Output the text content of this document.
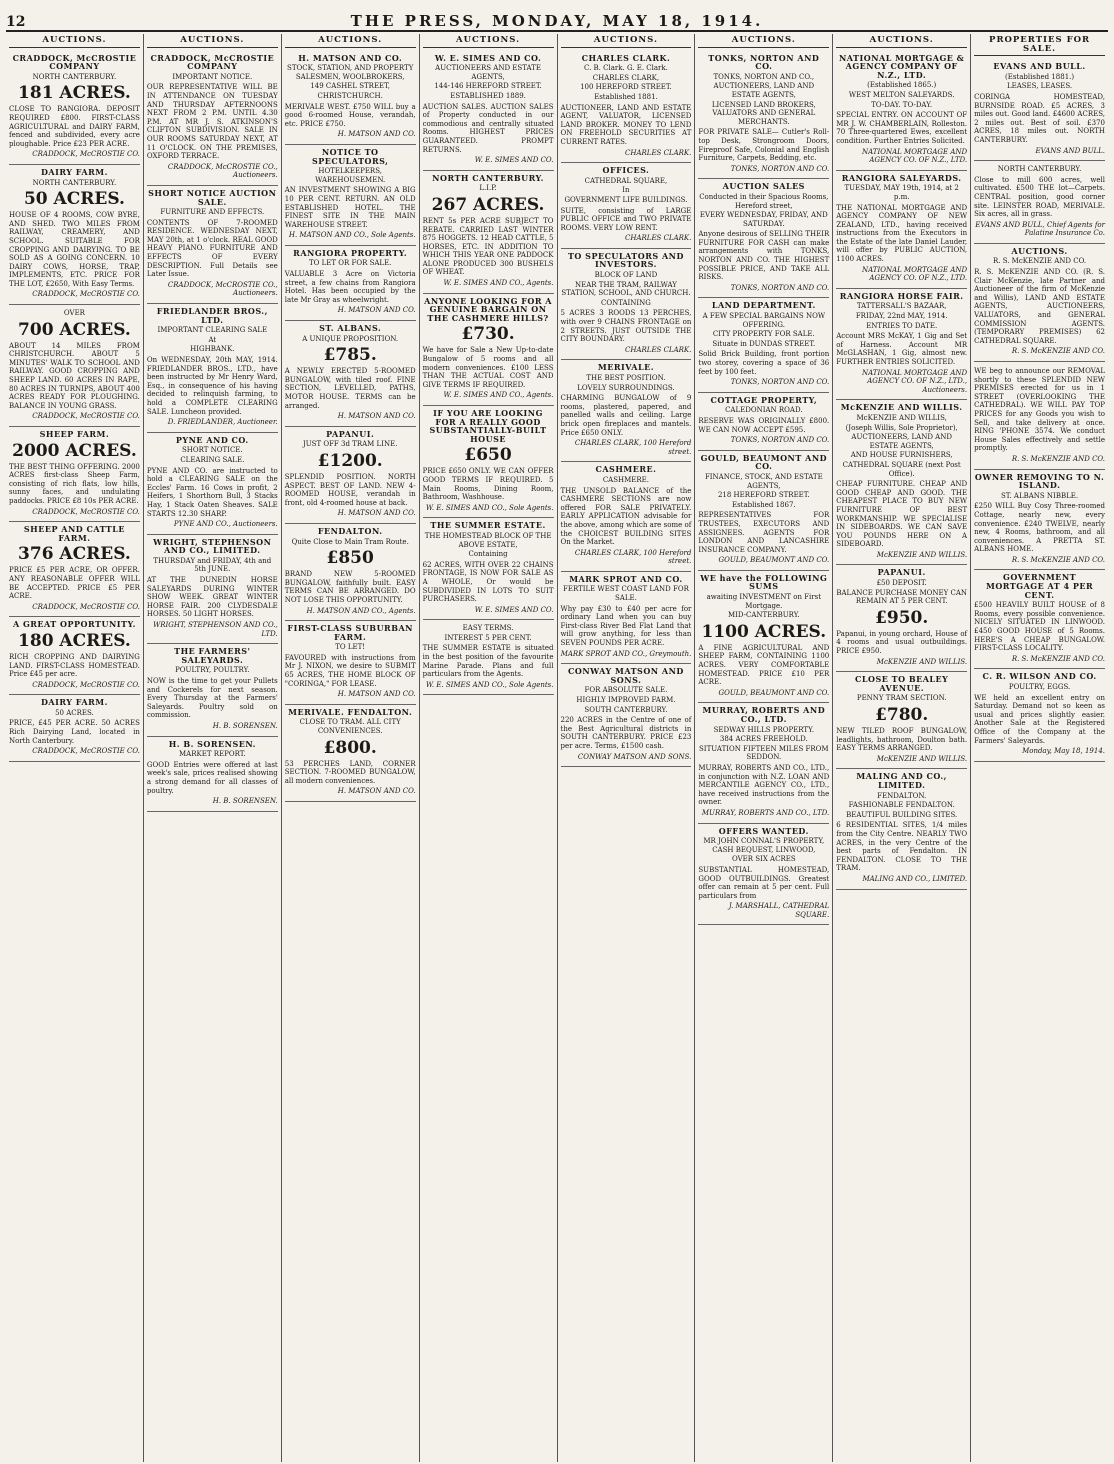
12	THE PRESS, MONDAY, MAY 18, 1914.
AUCTIONS.
CRADDOCK, McCROSTIE COMPANY
NORTH CANTERBURY.
181 ACRES.
CLOSE TO RANGIORA. DEPOSIT REQUIRED £800. FIRST-CLASS AGRICULTURAL and DAIRY FARM, fenced and subdivided, every acre ploughable. Price £23 PER ACRE.
CRADDOCK, McCROSTIE CO.
DAIRY FARM.
NORTH CANTERBURY.
50 ACRES.
HOUSE OF 4 ROOMS, COW BYRE, AND SHED. TWO MILES FROM RAILWAY, CREAMERY, AND SCHOOL. SUITABLE FOR CROPPING AND DAIRYING. TO BE SOLD AS A GOING CONCERN. 10 DAIRY COWS, HORSE, TRAP, IMPLEMENTS, ETC. PRICE FOR THE LOT, £2650, With Easy Terms.
CRADDOCK, McCROSTIE CO.
OVER
700 ACRES.
ABOUT 14 MILES FROM CHRISTCHURCH. ABOUT 5 MINUTES' WALK TO SCHOOL AND RAILWAY. GOOD CROPPING AND SHEEP LAND. 60 ACRES IN RAPE, 80 ACRES IN TURNIPS, ABOUT 400 ACRES READY FOR PLOUGHING. BALANCE IN YOUNG GRASS.
CRADDOCK, McCROSTIE CO.
SHEEP FARM.
2000 ACRES.
THE BEST THING OFFERING. 2000 ACRES first-class Sheep Farm, consisting of rich flats, low hills, sunny faces, and undulating paddocks. PRICE £8 10s PER ACRE.
CRADDOCK, McCROSTIE CO.
SHEEP AND CATTLE FARM.
376 ACRES.
PRICE £5 PER ACRE, OR OFFER. ANY REASONABLE OFFER WILL BE ACCEPTED. PRICE £5 PER ACRE.
CRADDOCK, McCROSTIE CO.
A GREAT OPPORTUNITY.
180 ACRES.
RICH CROPPING AND DAIRYING LAND. FIRST-CLASS HOMESTEAD. Price £45 per acre.
CRADDOCK, McCROSTIE CO.
DAIRY FARM.
50 ACRES.
PRICE, £45 PER ACRE. 50 ACRES Rich Dairying Land, located in North Canterbury.
CRADDOCK, McCROSTIE CO.
AUCTIONS.
CRADDOCK, McCROSTIE COMPANY
IMPORTANT NOTICE.
OUR REPRESENTATIVE WILL BE IN ATTENDANCE ON TUESDAY AND THURSDAY AFTERNOONS NEXT FROM 2 P.M. UNTIL 4.30 P.M. AT MR J. S. ATKINSON'S CLIFTON SUBDIVISION. SALE IN OUR ROOMS SATURDAY NEXT, AT 11 O'CLOCK. ON THE PREMISES, OXFORD TERRACE.
CRADDOCK, McCROSTIE CO., Auctioneers.
SHORT NOTICE AUCTION SALE.
FURNITURE AND EFFECTS.
CONTENTS OF 7-ROOMED RESIDENCE. WEDNESDAY NEXT, MAY 20th, at 1 o'clock. REAL GOOD HEAVY PIANO. FURNITURE AND EFFECTS OF EVERY DESCRIPTION. Full Details see Later Issue.
CRADDOCK, McCROSTIE CO., Auctioneers.
FRIEDLANDER BROS., LTD.
IMPORTANT CLEARING SALE
At
HIGHBANK.
On WEDNESDAY, 20th MAY, 1914. FRIEDLANDER BROS., LTD., have been instructed by Mr Henry Ward, Esq., in consequence of his having decided to relinquish farming, to hold a COMPLETE CLEARING SALE. Luncheon provided.
D. FRIEDLANDER, Auctioneer.
PYNE AND CO.
SHORT NOTICE.
CLEARING SALE.
PYNE AND CO. are instructed to hold a CLEARING SALE on the Eccles' Farm. 16 Cows in profit, 2 Heifers, 1 Shorthorn Bull, 3 Stacks Hay, 1 Stack Oaten Sheaves. SALE STARTS 12.30 SHARP.
PYNE AND CO., Auctioneers.
WRIGHT, STEPHENSON AND CO., LIMITED.
THURSDAY and FRIDAY, 4th and 5th JUNE.
AT THE DUNEDIN HORSE SALEYARDS DURING WINTER SHOW WEEK. GREAT WINTER HORSE FAIR. 200 CLYDESDALE HORSES. 50 LIGHT HORSES.
WRIGHT, STEPHENSON AND CO., LTD.
THE FARMERS' SALEYARDS.
POULTRY, POULTRY.
NOW is the time to get your Pullets and Cockerels for next season. Every Thursday at the Farmers' Saleyards. Poultry sold on commission.
H. B. SORENSEN.
H. B. SORENSEN.
MARKET REPORT.
GOOD Entries were offered at last week's sale, prices realised showing a strong demand for all classes of poultry.
H. B. SORENSEN.
AUCTIONS.
H. MATSON AND CO.
STOCK, STATION, AND PROPERTY SALESMEN, WOOLBROKERS,
149 CASHEL STREET,
CHRISTCHURCH.
MERIVALE WEST. £750 WILL buy a good 6-roomed House, verandah, etc. PRICE £750.
H. MATSON AND CO.
NOTICE TO SPECULATORS,
HOTELKEEPERS, WAREHOUSEMEN.
AN INVESTMENT SHOWING A BIG 10 PER CENT. RETURN. AN OLD ESTABLISHED HOTEL. THE FINEST SITE IN THE MAIN WAREHOUSE STREET.
H. MATSON AND CO., Sole Agents.
RANGIORA PROPERTY.
TO LET OR FOR SALE.
VALUABLE 3 Acre on Victoria street, a few chains from Rangiora Hotel. Has been occupied by the late Mr Gray as wheelwright.
H. MATSON AND CO.
ST. ALBANS.
A UNIQUE PROPOSITION.
£785.
A NEWLY ERECTED 5-ROOMED BUNGALOW, with tiled roof. FINE SECTION, LEVELLED, PATHS, MOTOR HOUSE. TERMS can be arranged.
H. MATSON AND CO.
PAPANUI.
JUST OFF 3d TRAM LINE.
£1200.
SPLENDID POSITION. NORTH ASPECT. BEST OF LAND. NEW 4-ROOMED HOUSE, verandah in front, old 4-roomed house at back.
H. MATSON AND CO.
FENDALTON.
Quite Close to Main Tram Route.
£850
BRAND NEW 5-ROOMED BUNGALOW, faithfully built. EASY TERMS CAN BE ARRANGED. DO NOT LOSE THIS OPPORTUNITY.
H. MATSON AND CO., Agents.
FIRST-CLASS SUBURBAN FARM.
TO LET!
FAVOURED with instructions from Mr J. NIXON, we desire to SUBMIT 65 ACRES, THE HOME BLOCK OF "CORINGA," FOR LEASE.
H. MATSON AND CO.
MERIVALE. FENDALTON.
CLOSE TO TRAM. ALL CITY CONVENIENCES.
£800.
53 PERCHES LAND, CORNER SECTION. 7-ROOMED BUNGALOW, all modern conveniences.
H. MATSON AND CO.
AUCTIONS.
W. E. SIMES AND CO.
AUCTIONEERS AND ESTATE AGENTS,
144-146 HEREFORD STREET.
ESTABLISHED 1889.
AUCTION SALES. AUCTION SALES of Property conducted in our commodious and centrally situated Rooms. HIGHEST PRICES GUARANTEED. PROMPT RETURNS.
W. E. SIMES AND CO.
NORTH CANTERBURY.
L.I.P.
267 ACRES.
RENT 5s PER ACRE SUBJECT TO REBATE. CARRIED LAST WINTER 875 HOGGETS. 12 HEAD CATTLE, 5 HORSES, ETC. IN ADDITION TO WHICH THIS YEAR ONE PADDOCK ALONE PRODUCED 300 BUSHELS OF WHEAT.
W. E. SIMES AND CO., Agents.
ANYONE LOOKING FOR A GENUINE BARGAIN ON THE CASHMERE HILLS?
£730.
We have for Sale a New Up-to-date Bungalow of 5 rooms and all modern conveniences. £100 LESS THAN THE ACTUAL COST AND GIVE TERMS IF REQUIRED.
W. E. SIMES AND CO., Agents.
IF YOU ARE LOOKING FOR A REALLY GOOD SUBSTANTIALLY-BUILT HOUSE
£650
PRICE £650 ONLY. WE CAN OFFER GOOD TERMS IF REQUIRED. 5 Main Rooms, Dining Room, Bathroom, Washhouse.
W. E. SIMES AND CO., Sole Agents.
THE SUMMER ESTATE.
THE HOMESTEAD BLOCK OF THE ABOVE ESTATE,
Containing
62 ACRES, WITH OVER 22 CHAINS FRONTAGE, IS NOW FOR SALE AS A WHOLE, Or would be SUBDIVIDED IN LOTS TO SUIT PURCHASERS.
W. E. SIMES AND CO.
EASY TERMS.
INTEREST 5 PER CENT.
THE SUMMER ESTATE is situated in the best position of the favourite Marine Parade. Plans and full particulars from the Agents.
W. E. SIMES AND CO., Sole Agents.
AUCTIONS.
CHARLES CLARK.
C. B. Clark. G. E. Clark.
CHARLES CLARK,
100 HEREFORD STREET.
Established 1881.
AUCTIONEER, LAND AND ESTATE AGENT, VALUATOR, LICENSED LAND BROKER. MONEY TO LEND ON FREEHOLD SECURITIES AT CURRENT RATES.
CHARLES CLARK.
OFFICES.
CATHEDRAL SQUARE,
In
GOVERNMENT LIFE BUILDINGS.
SUITE, consisting of LARGE PUBLIC OFFICE and TWO PRIVATE ROOMS. VERY LOW RENT.
CHARLES CLARK.
TO SPECULATORS AND INVESTORS.
BLOCK OF LAND
NEAR THE TRAM, RAILWAY STATION, SCHOOL, AND CHURCH.
CONTAINING
5 ACRES 3 ROODS 13 PERCHES, with over 9 CHAINS FRONTAGE on 2 STREETS. JUST OUTSIDE THE CITY BOUNDARY.
CHARLES CLARK.
MERIVALE.
THE BEST POSITION.
LOVELY SURROUNDINGS.
CHARMING BUNGALOW of 9 rooms, plastered, papered, and panelled walls and ceiling. Large brick open fireplaces and mantels. Price £650 ONLY.
CHARLES CLARK, 100 Hereford street.
CASHMERE.
CASHMERE.
THE UNSOLD BALANCE of the CASHMERE SECTIONS are now offered FOR SALE PRIVATELY. EARLY APPLICATION advisable for the above, among which are some of the CHOICEST BUILDING SITES On the Market.
CHARLES CLARK, 100 Hereford street.
MARK SPROT AND CO.
FERTILE WEST COAST LAND FOR SALE.
Why pay £30 to £40 per acre for ordinary Land when you can buy First-class River Bed Flat Land that will grow anything, for less than SEVEN POUNDS PER ACRE.
MARK SPROT AND CO., Greymouth.
CONWAY MATSON AND SONS.
FOR ABSOLUTE SALE.
HIGHLY IMPROVED FARM.
SOUTH CANTERBURY.
220 ACRES in the Centre of one of the Best Agricultural districts in SOUTH CANTERBURY. PRICE £23 per acre. Terms, £1500 cash.
CONWAY MATSON AND SONS.
AUCTIONS.
TONKS, NORTON AND CO.
TONKS, NORTON AND CO.,
AUCTIONEERS, LAND AND ESTATE AGENTS,
LICENSED LAND BROKERS, VALUATORS AND GENERAL MERCHANTS.
FOR PRIVATE SALE— Cutler's Roll-top Desk, Strongroom Doors, Fireproof Safe, Colonial and English Furniture, Carpets, Bedding, etc.
TONKS, NORTON AND CO.
AUCTION SALES
Conducted in their Spacious Rooms, Hereford street,
EVERY WEDNESDAY, FRIDAY, AND SATURDAY.
Anyone desirous of SELLING THEIR FURNITURE FOR CASH can make arrangements with TONKS, NORTON AND CO. THE HIGHEST POSSIBLE PRICE, AND TAKE ALL RISKS.
TONKS, NORTON AND CO.
LAND DEPARTMENT.
A FEW SPECIAL BARGAINS NOW OFFERING.
CITY PROPERTY FOR SALE.
Situate in DUNDAS STREET.
Solid Brick Building, front portion two storey, covering a space of 36 feet by 100 feet.
TONKS, NORTON AND CO.
COTTAGE PROPERTY,
CALEDONIAN ROAD.
RESERVE WAS ORIGINALLY £800. WE CAN NOW ACCEPT £595.
TONKS, NORTON AND CO.
GOULD, BEAUMONT AND CO.
FINANCE, STOCK, AND ESTATE AGENTS,
218 HEREFORD STREET.
Established 1867.
REPRESENTATIVES FOR TRUSTEES, EXECUTORS AND ASSIGNEES. AGENTS FOR LONDON AND LANCASHIRE INSURANCE COMPANY.
GOULD, BEAUMONT AND CO.
WE have the FOLLOWING SUMS
awaiting INVESTMENT on First Mortgage.
MID-CANTERBURY.
1100 ACRES.
A FINE AGRICULTURAL AND SHEEP FARM, CONTAINING 1100 ACRES. VERY COMFORTABLE HOMESTEAD. PRICE £10 PER ACRE.
GOULD, BEAUMONT AND CO.
MURRAY, ROBERTS AND CO., LTD.
SEDWAY HILLS PROPERTY.
384 ACRES FREEHOLD.
SITUATION FIFTEEN MILES FROM SEDDON.
MURRAY, ROBERTS AND CO., LTD., in conjunction with N.Z. LOAN AND MERCANTILE AGENCY CO., LTD., have received instructions from the owner.
MURRAY, ROBERTS AND CO., LTD.
OFFERS WANTED.
MR JOHN CONNAL'S PROPERTY, CASH BEQUEST, LINWOOD,
OVER SIX ACRES
SUBSTANTIAL HOMESTEAD, GOOD OUTBUILDINGS. Greatest offer can remain at 5 per cent. Full particulars from
J. MARSHALL, CATHEDRAL SQUARE.
AUCTIONS.
NATIONAL MORTGAGE & AGENCY COMPANY OF N.Z., LTD.
(Established 1865.)
WEST MELTON SALEYARDS.
TO-DAY. TO-DAY.
SPECIAL ENTRY. ON ACCOUNT OF MR J. W. CHAMBERLAIN, Rolleston. 70 Three-quartered Ewes, excellent condition. Further Entries Solicited.
NATIONAL MORTGAGE AND AGENCY CO. OF N.Z., LTD.
RANGIORA SALEYARDS.
TUESDAY, MAY 19th, 1914, at 2 p.m.
THE NATIONAL MORTGAGE AND AGENCY COMPANY OF NEW ZEALAND, LTD., having received instructions from the Executors in the Estate of the late Daniel Lauder, will offer by PUBLIC AUCTION, 1100 ACRES.
NATIONAL MORTGAGE AND AGENCY CO. OF N.Z., LTD.
RANGIORA HORSE FAIR.
TATTERSALL'S BAZAAR,
FRIDAY, 22nd MAY, 1914.
ENTRIES TO DATE.
Account MRS McKAY, 1 Gig and Set of Harness. Account MR McGLASHAN, 1 Gig, almost new. FURTHER ENTRIES SOLICITED.
NATIONAL MORTGAGE AND AGENCY CO. OF N.Z., LTD., Auctioneers.
McKENZIE AND WILLIS.
McKENZIE AND WILLIS,
(Joseph Willis, Sole Proprietor),
AUCTIONEERS, LAND AND ESTATE AGENTS,
AND HOUSE FURNISHERS,
CATHEDRAL SQUARE (next Post Office).
CHEAP FURNITURE. CHEAP AND GOOD CHEAP AND GOOD. THE CHEAPEST PLACE TO BUY NEW FURNITURE OF BEST WORKMANSHIP. WE SPECIALISE IN SIDEBOARDS. WE CAN SAVE YOU POUNDS HERE ON A SIDEBOARD.
McKENZIE AND WILLIS.
PAPANUI.
£50 DEPOSIT.
BALANCE PURCHASE MONEY CAN REMAIN AT 5 PER CENT.
£950.
Papanui, in young orchard, House of 4 rooms and usual outbuildings. PRICE £950.
McKENZIE AND WILLIS.
CLOSE TO BEALEY AVENUE.
PENNY TRAM SECTION.
£780.
NEW TILED ROOF BUNGALOW, leadlights, bathroom, Doulton bath. EASY TERMS ARRANGED.
McKENZIE AND WILLIS.
MALING AND CO., LIMITED.
FENDALTON.
FASHIONABLE FENDALTON.
BEAUTIFUL BUILDING SITES.
6 RESIDENTIAL SITES, 1/4 miles from the City Centre. NEARLY TWO ACRES, in the very Centre of the best parts of Fendalton. IN FENDALTON. CLOSE TO THE TRAM.
MALING AND CO., LIMITED.
PROPERTIES FOR SALE.
EVANS AND BULL.
(Established 1881.)
LEASES, LEASES.
CORINGA HOMESTEAD, BURNSIDE ROAD. £5 ACRES, 3 miles out. Good land. £4600 ACRES, 2 miles out. Best of soil. £370 ACRES, 18 miles out. NORTH CANTERBURY.
EVANS AND BULL.
NORTH CANTERBURY.
Close to mill 600 acres, well cultivated. £500 THE lot—Carpets. CENTRAL position, good corner site. LEINSTER ROAD, MERIVALE. Six acres, all in grass.
EVANS AND BULL, Chief Agents for Palatine Insurance Co.
AUCTIONS.
R. S. McKENZIE AND CO.
R. S. McKENZIE AND CO. (R. S. Clair McKenzie, late Partner and Auctioneer of the firm of McKenzie and Willis), LAND AND ESTATE AGENTS, AUCTIONEERS, VALUATORS, and GENERAL COMMISSION AGENTS. (TEMPORARY PREMISES) 62 CATHEDRAL SQUARE.
R. S. McKENZIE AND CO.
WE beg to announce our REMOVAL shortly to these SPLENDID NEW PREMISES erected for us in 1 STREET (OVERLOOKING THE CATHEDRAL). WE WILL PAY TOP PRICES for any Goods you wish to Sell, and take delivery at once. RING 'PHONE 3574. We conduct House Sales effectively and settle promptly.
R. S. McKENZIE AND CO.
OWNER REMOVING TO N. ISLAND.
ST. ALBANS NIBBLE.
£250 WILL Buy Cosy Three-roomed Cottage, nearly new, every convenience. £240 TWELVE, nearly new, 4 Rooms, bathroom, and all conveniences. A PRETTA ST. ALBANS HOME.
R. S. McKENZIE AND CO.
GOVERNMENT MORTGAGE AT 4 PER CENT.
£500 HEAVILY BUILT HOUSE of 8 Rooms, every possible convenience. NICELY SITUATED IN LINWOOD. £450 GOOD HOUSE of 5 Rooms. HERE'S A CHEAP BUNGALOW. FIRST-CLASS LOCALITY.
R. S. McKENZIE AND CO.
C. R. WILSON AND CO.
POULTRY, EGGS.
WE held an excellent entry on Saturday. Demand not so keen as usual and prices slightly easier. Another Sale at the Registered Office of the Company at the Farmers' Saleyards.
Monday, May 18, 1914.
